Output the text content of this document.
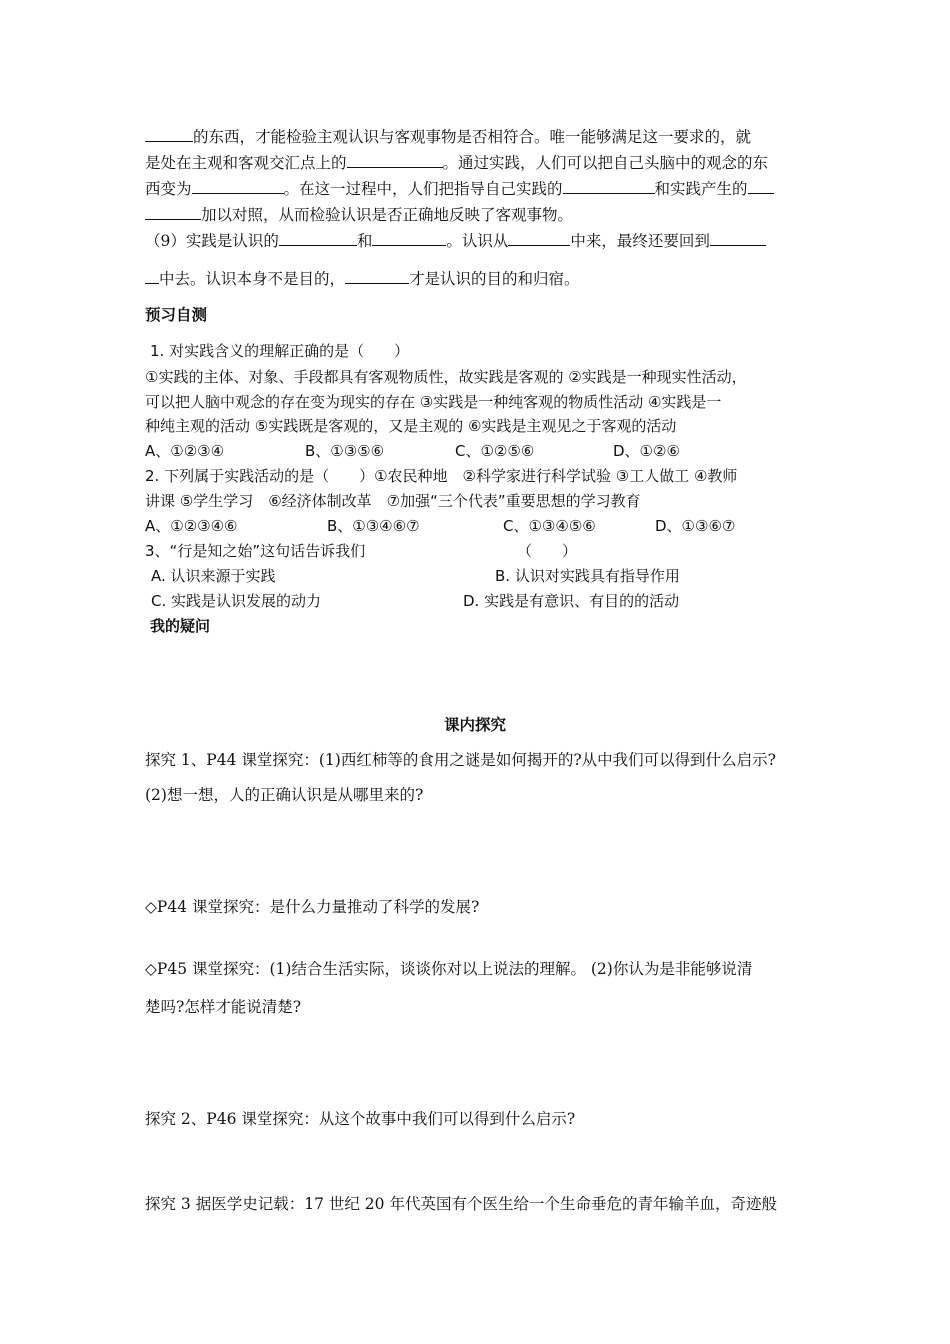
的东西，才能检验主观认识与客观事物是否相符合。唯一能够满足这一要求的，就
是处在主观和客观交汇点上的	。通过实践，人们可以把自己头脑中的观念的东
西变为	。在这一过程中，人们把指导自己实践的	和实践产生的
加以对照，从而检验认识是否正确地反映了客观事物。
（9）实践是认识的	和	。认识从	中来，最终还要回到
中去。认识本身不是目的，	才是认识的目的和归宿。
预习自测
1. 对实践含义的理解正确的是（　　）
①实践的主体、对象、手段都具有客观物质性，故实践是客观的 ②实践是一种现实性活动，
可以把人脑中观念的存在变为现实的存在 ③实践是一种纯客观的物质性活动 ④实践是一
种纯主观的活动 ⑤实践既是客观的，又是主观的 ⑥实践是主观见之于客观的活动
A、①②③④	B、①③⑤⑥	C、①②⑤⑥	D、①②⑥
2. 下列属于实践活动的是（　　）①农民种地　②科学家进行科学试验 ③工人做工 ④教师
讲课 ⑤学生学习　⑥经济体制改革　⑦加强“三个代表”重要思想的学习教育
A、①②③④⑥	B、①③④⑥⑦	C、①③④⑤⑥	D、①③⑥⑦
3、“行是知之始”这句话告诉我们	（　　）
A. 认识来源于实践	B. 认识对实践具有指导作用
C. 实践是认识发展的动力	D. 实践是有意识、有目的的活动
我的疑问
课内探究
探究 1、P44 课堂探究：(1)西红柿等的食用之谜是如何揭开的?从中我们可以得到什么启示?
(2)想一想，人的正确认识是从哪里来的?
◇P44 课堂探究：是什么力量推动了科学的发展?
◇P45 课堂探究：(1)结合生活实际，谈谈你对以上说法的理解。 (2)你认为是非能够说清
楚吗?怎样才能说清楚?
探究 2、P46 课堂探究：从这个故事中我们可以得到什么启示?
探究 3 据医学史记载：17 世纪 20 年代英国有个医生给一个生命垂危的青年输羊血，奇迹般
